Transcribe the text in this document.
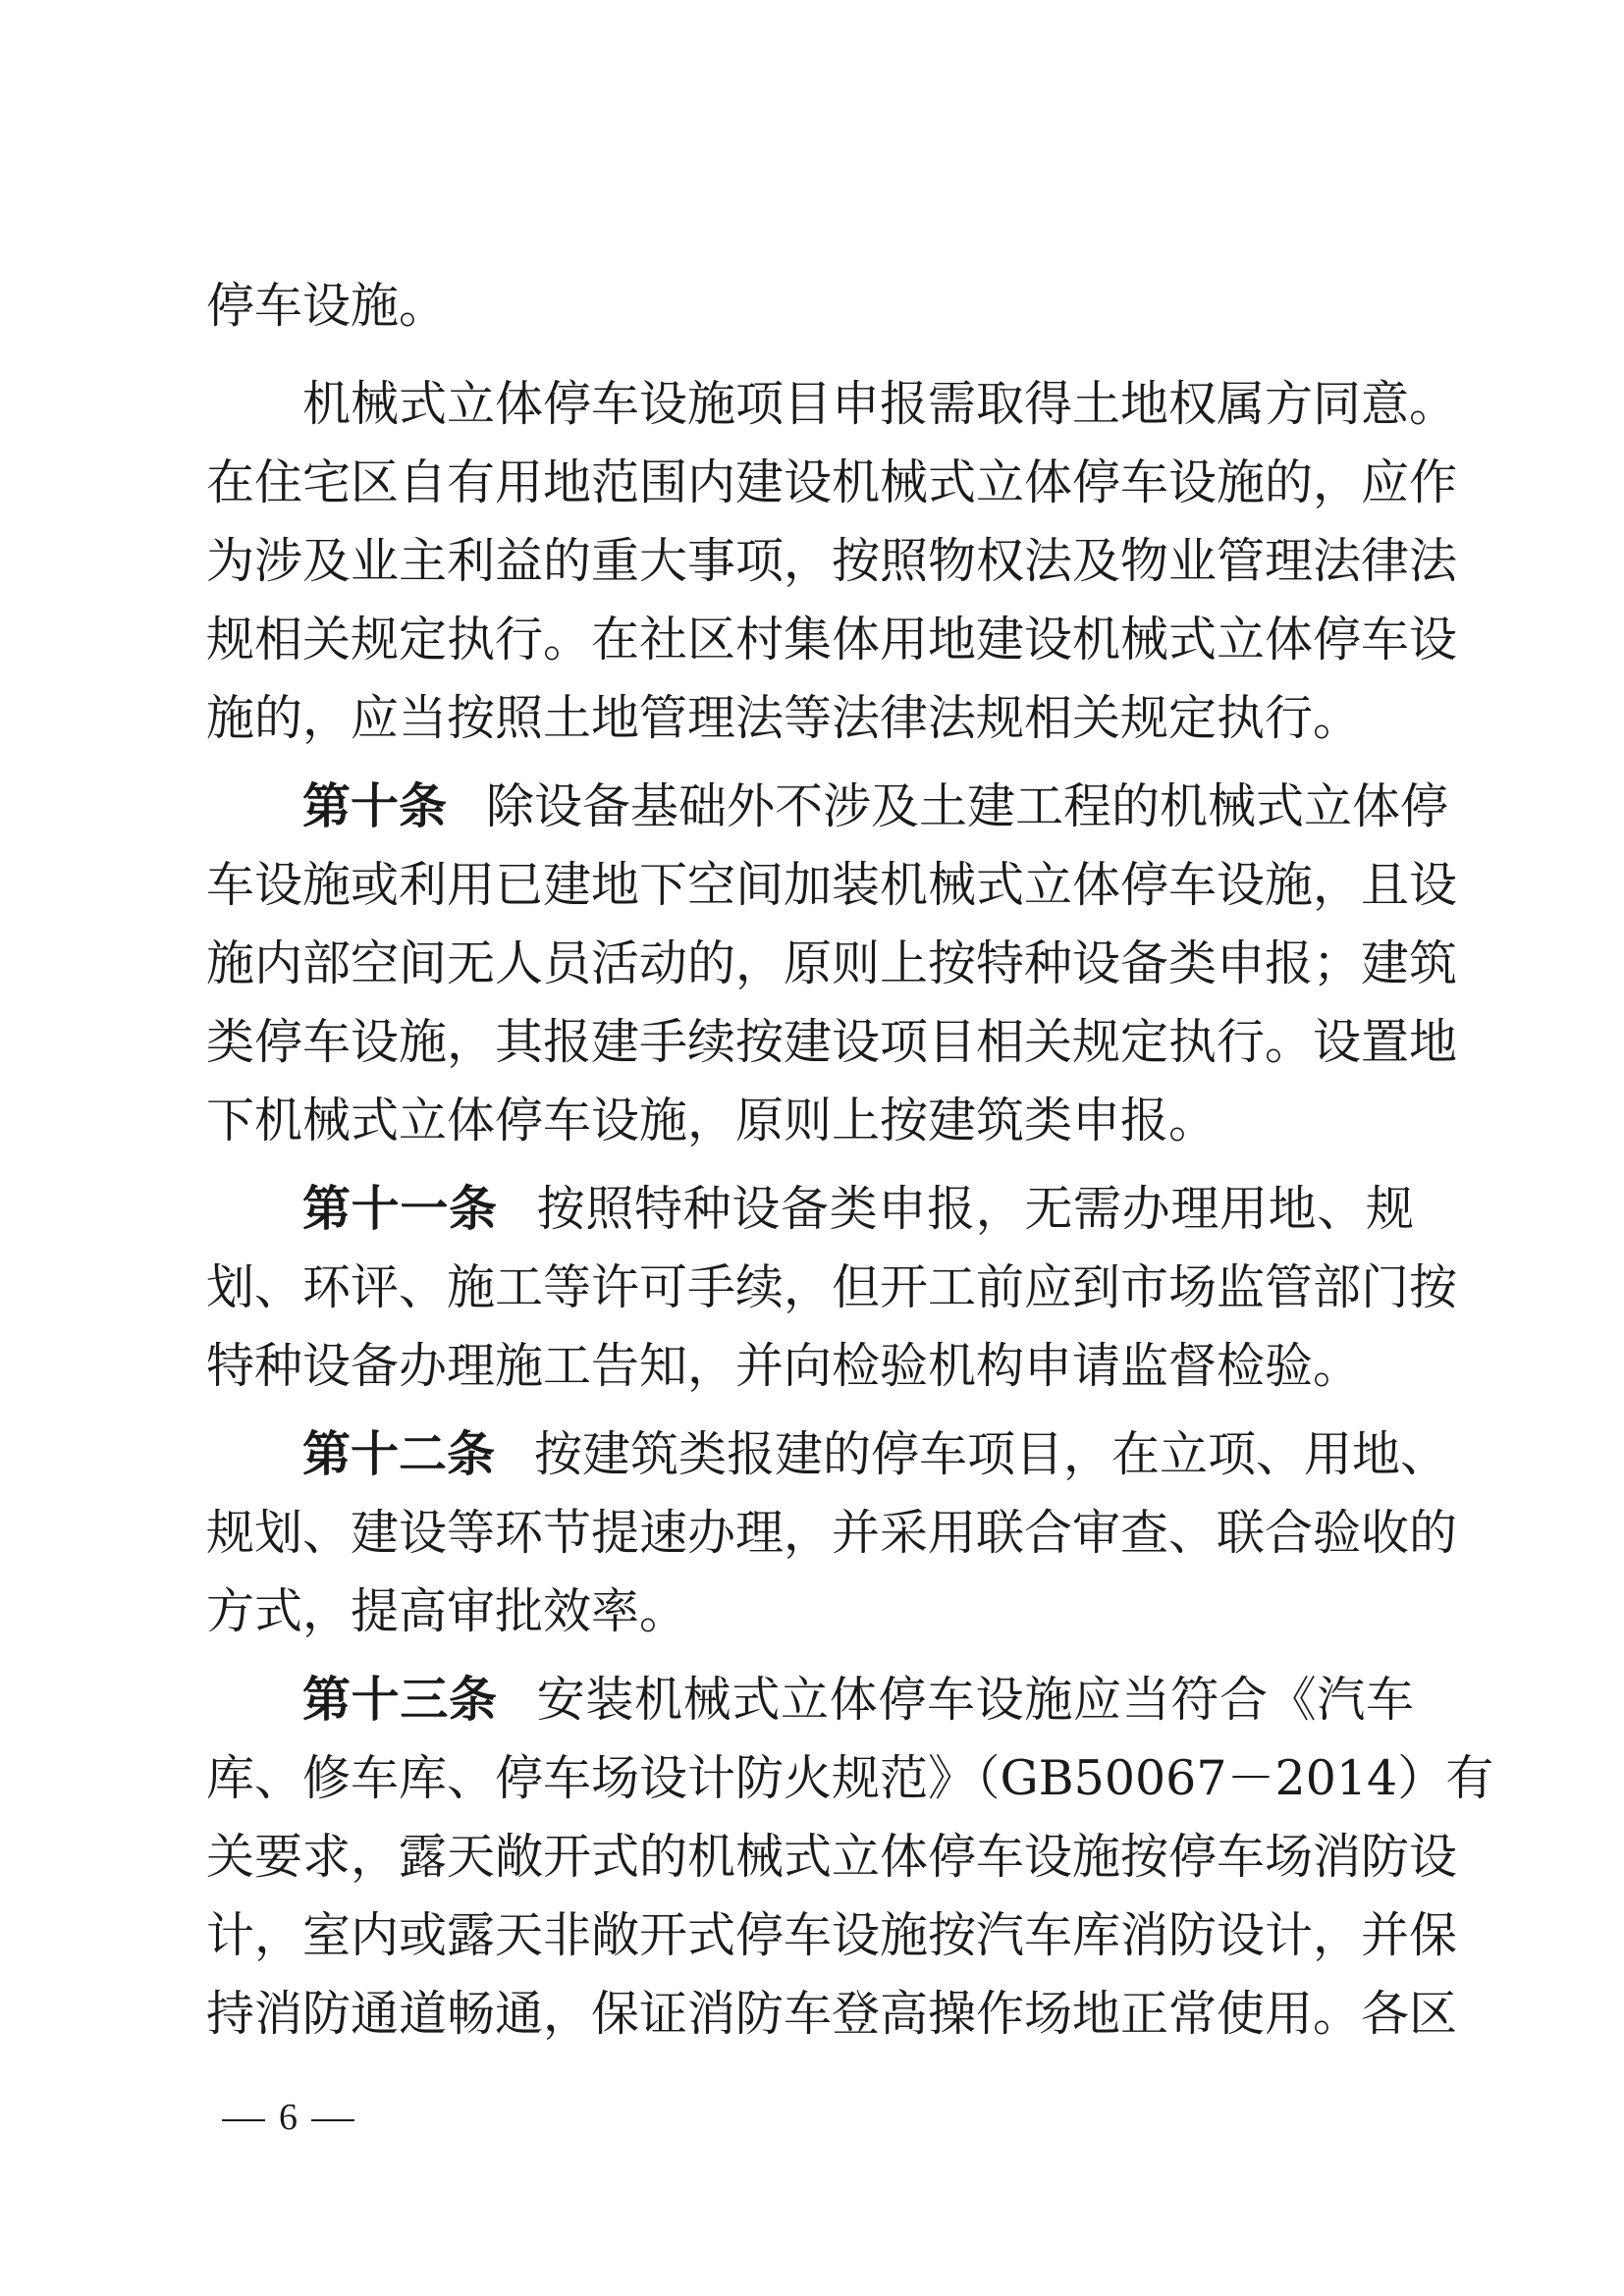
停车设施。
机械式立体停车设施项目申报需取得土地权属方同意。
在住宅区自有用地范围内建设机械式立体停车设施的，应作
为涉及业主利益的重大事项，按照物权法及物业管理法律法
规相关规定执行。在社区村集体用地建设机械式立体停车设
施的，应当按照土地管理法等法律法规相关规定执行。
第十条 除设备基础外不涉及土建工程的机械式立体停
车设施或利用已建地下空间加装机械式立体停车设施，且设
施内部空间无人员活动的，原则上按特种设备类申报；建筑
类停车设施，其报建手续按建设项目相关规定执行。设置地
下机械式立体停车设施，原则上按建筑类申报。
第十一条 按照特种设备类申报，无需办理用地、规
划、环评、施工等许可手续，但开工前应到市场监管部门按
特种设备办理施工告知，并向检验机构申请监督检验。
第十二条 按建筑类报建的停车项目，在立项、用地、
规划、建设等环节提速办理，并采用联合审查、联合验收的
方式，提高审批效率。
第十三条 安装机械式立体停车设施应当符合《汽车
库、修车库、停车场设计防火规范》（GB50067－2014）有
关要求，露天敞开式的机械式立体停车设施按停车场消防设
计，室内或露天非敞开式停车设施按汽车库消防设计，并保
持消防通道畅通，保证消防车登高操作场地正常使用。各区
6
